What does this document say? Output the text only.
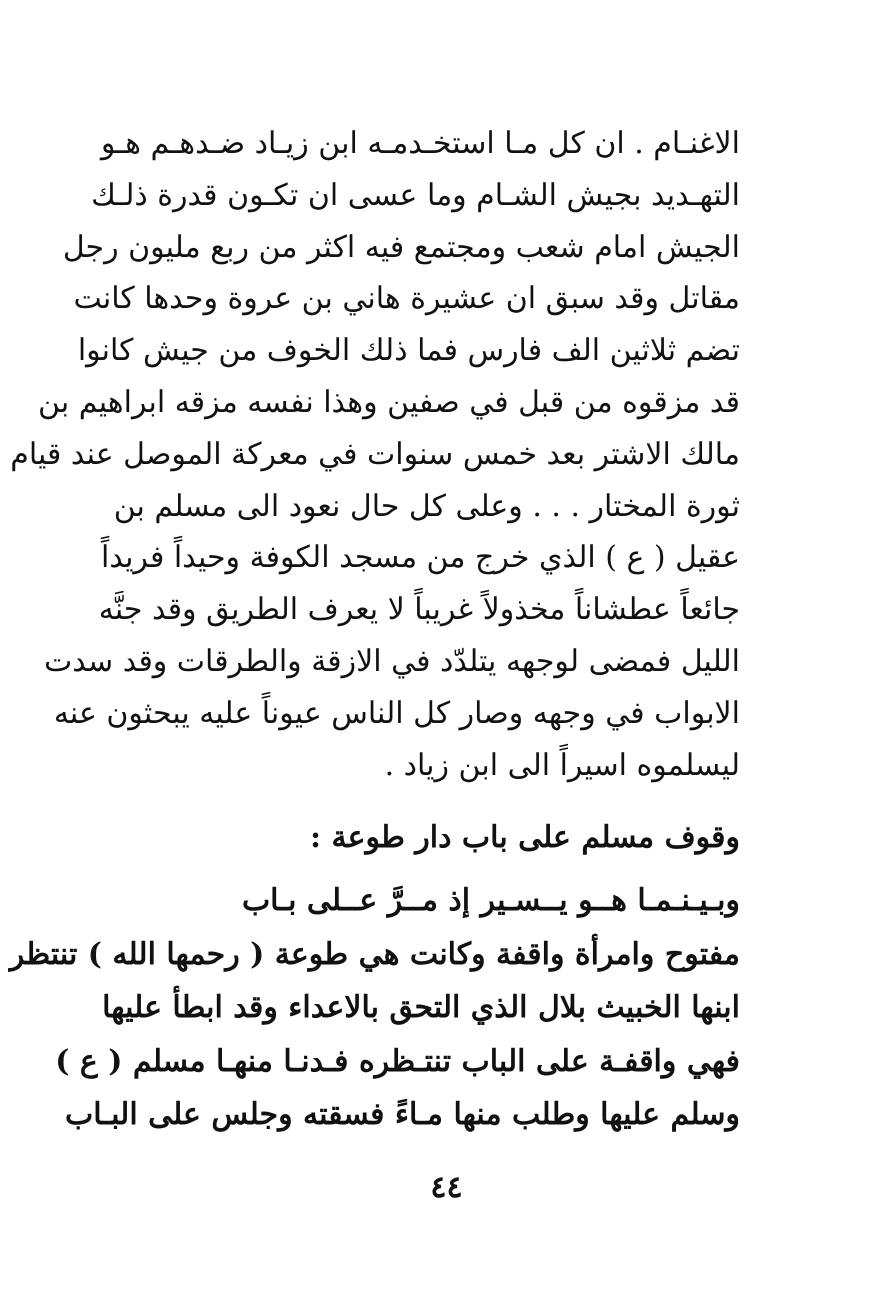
الاغنـام . ان كل مـا استخـدمـه ابن زيـاد ضـدهـم هـو
التهـديد بجيش الشـام وما عسى ان تكـون قدرة ذلـك
الجيش امام شعب ومجتمع فيه اكثر من ربع مليون رجل
مقاتل وقد سبق ان عشيرة هاني بن عروة وحدها كانت
تضم ثلاثين الف فارس فما ذلك الخوف من جيش كانوا
قد مزقوه من قبل في صفين وهذا نفسه مزقه ابراهيم بن
مالك الاشتر بعد خمس سنوات في معركة الموصل عند قيام
ثورة المختار . . . وعلى كل حال نعود الى مسلم بن
عقيل ( ع ) الذي خرج من مسجد الكوفة وحيداً فريداً
جائعاً عطشاناً مخذولاً غريباً لا يعرف الطريق وقد جنَّه
الليل فمضى لوجهه يتلدّد في الازقة والطرقات وقد سدت
الابواب في وجهه وصار كل الناس عيوناً عليه يبحثون عنه
ليسلموه اسيراً الى ابن زياد .
وقوف مسلم على باب دار طوعة :
وبـيـنـمـا هــو يــسـير إذ مــرَّ عــلى بـاب
مفتوح وامرأة واقفة وكانت هي طوعة ( رحمها الله ) تنتظر
ابنها الخبيث بلال الذي التحق بالاعداء وقد ابطأ عليها
فهي واقفـة على الباب تنتـظره فـدنـا منهـا مسلم ( ع )
وسلم عليها وطلب منها مـاءً فسقته وجلس على البـاب
٤٤
